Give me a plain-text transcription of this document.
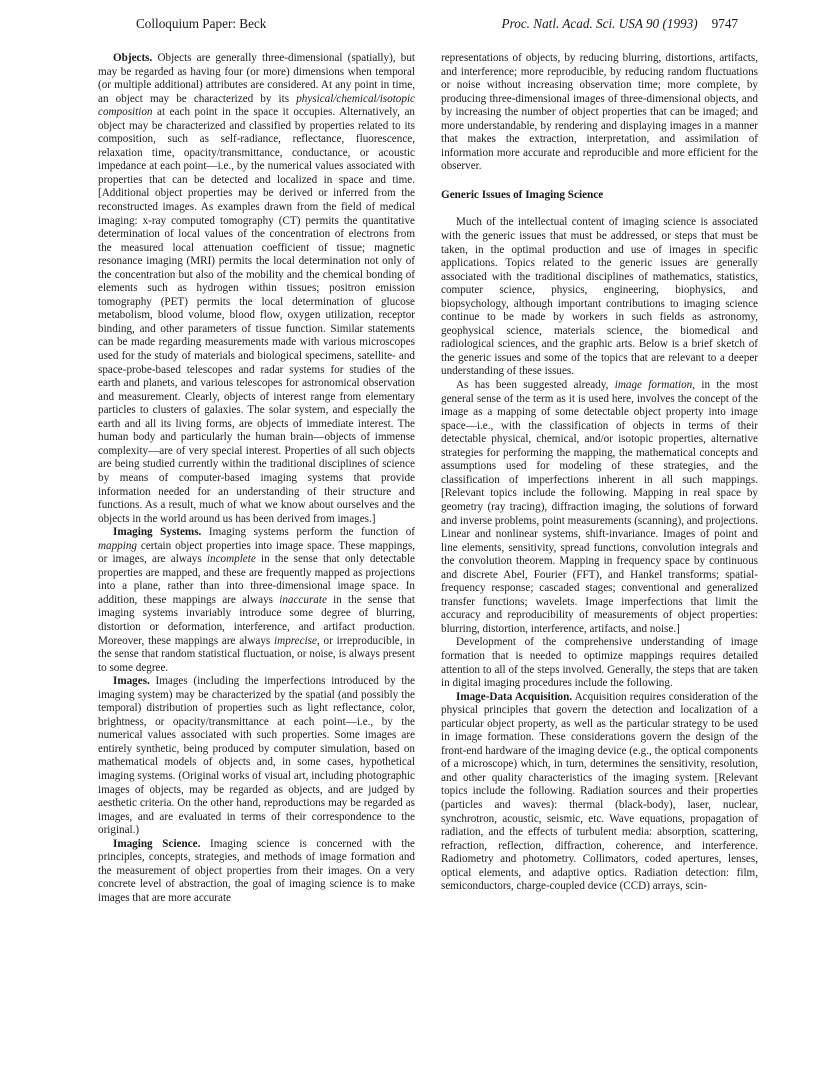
Colloquium Paper: Beck	Proc. Natl. Acad. Sci. USA 90 (1993) 9747

Objects. Objects are generally three-dimensional (spatially), but may be regarded as having four (or more) dimensions when temporal (or multiple additional) attributes are considered. At any point in time, an object may be characterized by its physical/chemical/isotopic composition at each point in the space it occupies. Alternatively, an object may be characterized and classified by properties related to its composition, such as self-radiance, reflectance, fluorescence, relaxation time, opacity/transmittance, conductance, or acoustic impedance at each point—i.e., by the numerical values associated with properties that can be detected and localized in space and time. [Additional object properties may be derived or inferred from the reconstructed images. As examples drawn from the field of medical imaging: x-ray computed tomography (CT) permits the quantitative determination of local values of the concentration of electrons from the measured local attenuation coefficient of tissue; magnetic resonance imaging (MRI) permits the local determination not only of the concentration but also of the mobility and the chemical bonding of elements such as hydrogen within tissues; positron emission tomography (PET) permits the local determination of glucose metabolism, blood volume, blood flow, oxygen utilization, receptor binding, and other parameters of tissue function. Similar statements can be made regarding measurements made with various microscopes used for the study of materials and biological specimens, satellite- and space-probe-based telescopes and radar systems for studies of the earth and planets, and various telescopes for astronomical observation and measurement. Clearly, objects of interest range from elementary particles to clusters of galaxies. The solar system, and especially the earth and all its living forms, are objects of immediate interest. The human body and particularly the human brain—objects of immense complexity—are of very special interest. Properties of all such objects are being studied currently within the traditional disciplines of science by means of computer-based imaging systems that provide information needed for an understanding of their structure and functions. As a result, much of what we know about ourselves and the objects in the world around us has been derived from images.]

Imaging Systems. Imaging systems perform the function of mapping certain object properties into image space. These mappings, or images, are always incomplete in the sense that only detectable properties are mapped, and these are frequently mapped as projections into a plane, rather than into three-dimensional image space. In addition, these mappings are always inaccurate in the sense that imaging systems invariably introduce some degree of blurring, distortion or deformation, interference, and artifact production. Moreover, these mappings are always imprecise, or irreproducible, in the sense that random statistical fluctuation, or noise, is always present to some degree.

Images. Images (including the imperfections introduced by the imaging system) may be characterized by the spatial (and possibly the temporal) distribution of properties such as light reflectance, color, brightness, or opacity/transmittance at each point—i.e., by the numerical values associated with such properties. Some images are entirely synthetic, being produced by computer simulation, based on mathematical models of objects and, in some cases, hypothetical imaging systems. (Original works of visual art, including photographic images of objects, may be regarded as objects, and are judged by aesthetic criteria. On the other hand, reproductions may be regarded as images, and are evaluated in terms of their correspondence to the original.)

Imaging Science. Imaging science is concerned with the principles, concepts, strategies, and methods of image formation and the measurement of object properties from their images. On a very concrete level of abstraction, the goal of imaging science is to make images that are more accurate

representations of objects, by reducing blurring, distortions, artifacts, and interference; more reproducible, by reducing random fluctuations or noise without increasing observation time; more complete, by producing three-dimensional images of three-dimensional objects, and by increasing the number of object properties that can be imaged; and more understandable, by rendering and displaying images in a manner that makes the extraction, interpretation, and assimilation of information more accurate and reproducible and more efficient for the observer.

Generic Issues of Imaging Science

Much of the intellectual content of imaging science is associated with the generic issues that must be addressed, or steps that must be taken, in the optimal production and use of images in specific applications. Topics related to the generic issues are generally associated with the traditional disciplines of mathematics, statistics, computer science, physics, engineering, biophysics, and biopsychology, although important contributions to imaging science continue to be made by workers in such fields as astronomy, geophysical science, materials science, the biomedical and radiological sciences, and the graphic arts. Below is a brief sketch of the generic issues and some of the topics that are relevant to a deeper understanding of these issues.

As has been suggested already, image formation, in the most general sense of the term as it is used here, involves the concept of the image as a mapping of some detectable object property into image space—i.e., with the classification of objects in terms of their detectable physical, chemical, and/or isotopic properties, alternative strategies for performing the mapping, the mathematical concepts and assumptions used for modeling of these strategies, and the classification of imperfections inherent in all such mappings. [Relevant topics include the following. Mapping in real space by geometry (ray tracing), diffraction imaging, the solutions of forward and inverse problems, point measurements (scanning), and projections. Linear and nonlinear systems, shift-invariance. Images of point and line elements, sensitivity, spread functions, convolution integrals and the convolution theorem. Mapping in frequency space by continuous and discrete Abel, Fourier (FFT), and Hankel transforms; spatial-frequency response; cascaded stages; conventional and generalized transfer functions; wavelets. Image imperfections that limit the accuracy and reproducibility of measurements of object properties: blurring, distortion, interference, artifacts, and noise.]

Development of the comprehensive understanding of image formation that is needed to optimize mappings requires detailed attention to all of the steps involved. Generally, the steps that are taken in digital imaging procedures include the following.

Image-Data Acquisition. Acquisition requires consideration of the physical principles that govern the detection and localization of a particular object property, as well as the particular strategy to be used in image formation. These considerations govern the design of the front-end hardware of the imaging device (e.g., the optical components of a microscope) which, in turn, determines the sensitivity, resolution, and other quality characteristics of the imaging system. [Relevant topics include the following. Radiation sources and their properties (particles and waves): thermal (black-body), laser, nuclear, synchrotron, acoustic, seismic, etc. Wave equations, propagation of radiation, and the effects of turbulent media: absorption, scattering, refraction, reflection, diffraction, coherence, and interference. Radiometry and photometry. Collimators, coded apertures, lenses, optical elements, and adaptive optics. Radiation detection: film, semiconductors, charge-coupled device (CCD) arrays, scin-
